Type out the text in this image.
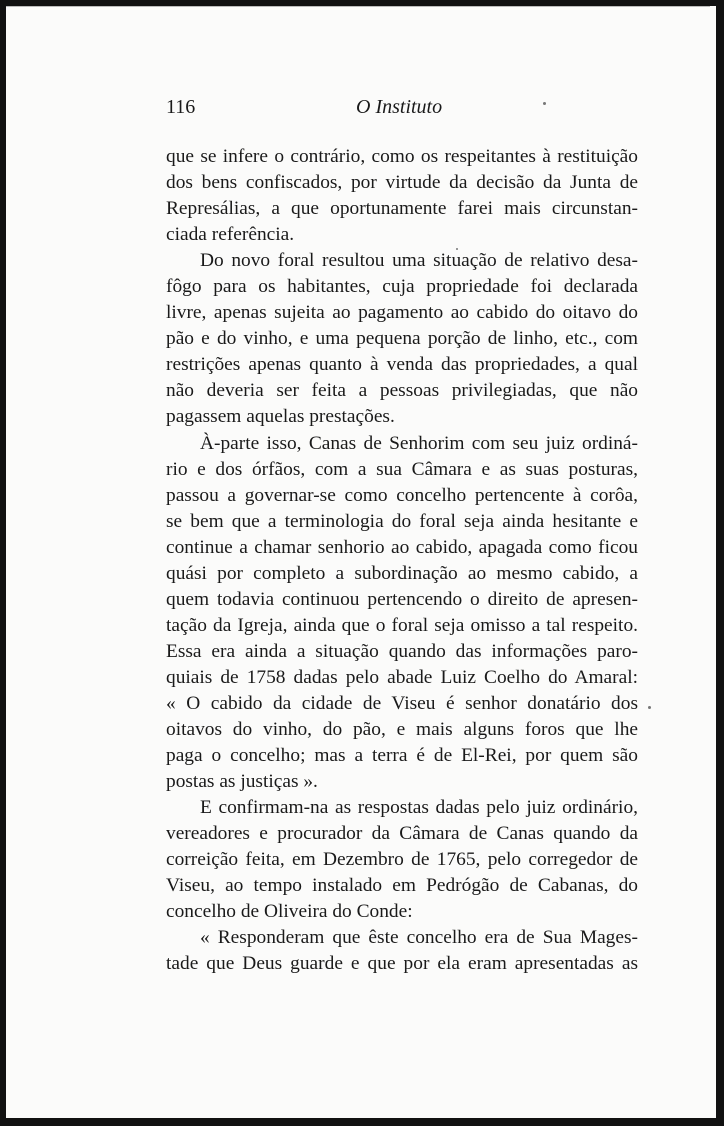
116	O Instituto
que se infere o contrário, como os respeitantes à restituição
dos bens confiscados, por virtude da decisão da Junta de
Represálias, a que oportunamente farei mais circunstan-
ciada referência.
Do novo foral resultou uma situação de relativo desa-
fôgo para os habitantes, cuja propriedade foi declarada
livre, apenas sujeita ao pagamento ao cabido do oitavo do
pão e do vinho, e uma pequena porção de linho, etc., com
restrições apenas quanto à venda das propriedades, a qual
não deveria ser feita a pessoas privilegiadas, que não
pagassem aquelas prestações.
À-parte isso, Canas de Senhorim com seu juiz ordiná-
rio e dos órfãos, com a sua Câmara e as suas posturas,
passou a governar-se como concelho pertencente à corôa,
se bem que a terminologia do foral seja ainda hesitante e
continue a chamar senhorio ao cabido, apagada como ficou
quási por completo a subordinação ao mesmo cabido, a
quem todavia continuou pertencendo o direito de apresen-
tação da Igreja, ainda que o foral seja omisso a tal respeito.
Essa era ainda a situação quando das informações paro-
quiais de 1758 dadas pelo abade Luiz Coelho do Amaral:
« O cabido da cidade de Viseu é senhor donatário dos
oitavos do vinho, do pão, e mais alguns foros que lhe
paga o concelho; mas a terra é de El-Rei, por quem são
postas as justiças ».
E confirmam-na as respostas dadas pelo juiz ordinário,
vereadores e procurador da Câmara de Canas quando da
correição feita, em Dezembro de 1765, pelo corregedor de
Viseu, ao tempo instalado em Pedrógão de Cabanas, do
concelho de Oliveira do Conde:
« Responderam que êste concelho era de Sua Mages-
tade que Deus guarde e que por ela eram apresentadas as
